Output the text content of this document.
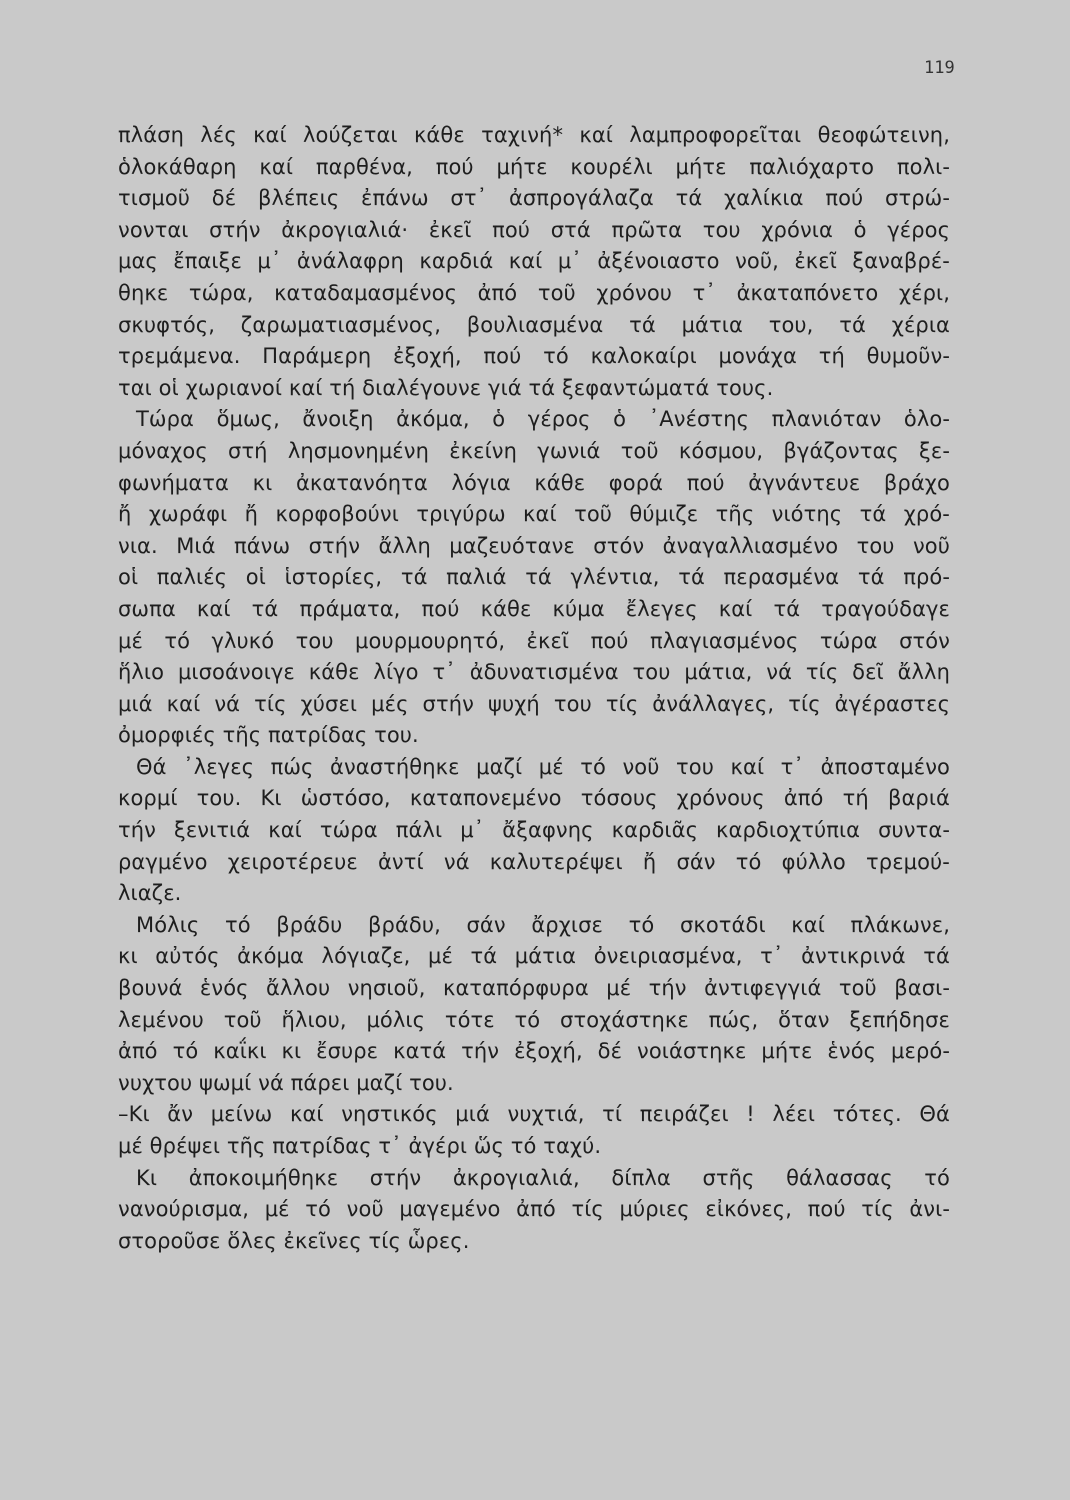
119
πλάση λές καί λούζεται κάθε ταχινή* καί λαμπροφορεῖται θεοφώτεινη,
ὁλοκάθαρη καί παρθένα, πού μήτε κουρέλι μήτε παλιόχαρτο πολι-
τισμοῦ δέ βλέπεις ἐπάνω στ᾽ ἀσπρογάλαζα τά χαλίκια πού στρώ-
νονται στήν ἀκρογιαλιά· ἐκεῖ πού στά πρῶτα του χρόνια ὁ γέρος
μας ἔπαιξε μ᾽ ἀνάλαφρη καρδιά καί μ᾽ ἀξένοιαστο νοῦ, ἐκεῖ ξαναβρέ-
θηκε τώρα, καταδαμασμένος ἀπό τοῦ χρόνου τ᾽ ἀκαταπόνετο χέρι,
σκυφτός, ζαρωματιασμένος, βουλιασμένα τά μάτια του, τά χέρια
τρεμάμενα. Παράμερη ἐξοχή, πού τό καλοκαίρι μονάχα τή θυμοῦν-
ται οἱ χωριανοί καί τή διαλέγουνε γιά τά ξεφαντώματά τους.
Τώρα ὅμως, ἄνοιξη ἀκόμα, ὁ γέρος ὁ ᾽Ανέστης πλανιόταν ὁλο-
μόναχος στή λησμονημένη ἐκείνη γωνιά τοῦ κόσμου, βγάζοντας ξε-
φωνήματα κι ἀκατανόητα λόγια κάθε φορά πού ἀγνάντευε βράχο
ἤ χωράφι ἤ κορφοβούνι τριγύρω καί τοῦ θύμιζε τῆς νιότης τά χρό-
νια. Μιά πάνω στήν ἄλλη μαζευότανε στόν ἀναγαλλιασμένο του νοῦ
οἱ παλιές οἱ ἱστορίες, τά παλιά τά γλέντια, τά περασμένα τά πρό-
σωπα καί τά πράματα, πού κάθε κύμα ἔλεγες καί τά τραγούδαγε
μέ τό γλυκό του μουρμουρητό, ἐκεῖ πού πλαγιασμένος τώρα στόν
ἥλιο μισοάνοιγε κάθε λίγο τ᾽ ἀδυνατισμένα του μάτια, νά τίς δεῖ ἄλλη
μιά καί νά τίς χύσει μές στήν ψυχή του τίς ἀνάλλαγες, τίς ἀγέραστες
ὀμορφιές τῆς πατρίδας του.
Θά ᾽λεγες πώς ἀναστήθηκε μαζί μέ τό νοῦ του καί τ᾽ ἀποσταμένο
κορμί του. Κι ὡστόσο, καταπονεμένο τόσους χρόνους ἀπό τή βαριά
τήν ξενιτιά καί τώρα πάλι μ᾽ ἄξαφνης καρδιᾶς καρδιοχτύπια συντα-
ραγμένο χειροτέρευε ἀντί νά καλυτερέψει ἤ σάν τό φύλλο τρεμού-
λιαζε.
Μόλις τό βράδυ βράδυ, σάν ἄρχισε τό σκοτάδι καί πλάκωνε,
κι αὐτός ἀκόμα λόγιαζε, μέ τά μάτια ὀνειριασμένα, τ᾽ ἀντικρινά τά
βουνά ἑνός ἄλλου νησιοῦ, καταπόρφυρα μέ τήν ἀντιφεγγιά τοῦ βασι-
λεμένου τοῦ ἥλιου, μόλις τότε τό στοχάστηκε πώς, ὅταν ξεπήδησε
ἀπό τό καΐκι κι ἔσυρε κατά τήν ἐξοχή, δέ νοιάστηκε μήτε ἑνός μερό-
νυχτου ψωμί νά πάρει μαζί του.
–Κι ἄν μείνω καί νηστικός μιά νυχτιά, τί πειράζει ! λέει τότες. Θά
μέ θρέψει τῆς πατρίδας τ᾽ ἀγέρι ὥς τό ταχύ.
Κι ἀποκοιμήθηκε στήν ἀκρογιαλιά, δίπλα στῆς θάλασσας τό
νανούρισμα, μέ τό νοῦ μαγεμένο ἀπό τίς μύριες εἰκόνες, πού τίς ἀνι-
στοροῦσε ὅλες ἐκεῖνες τίς ὧρες.
